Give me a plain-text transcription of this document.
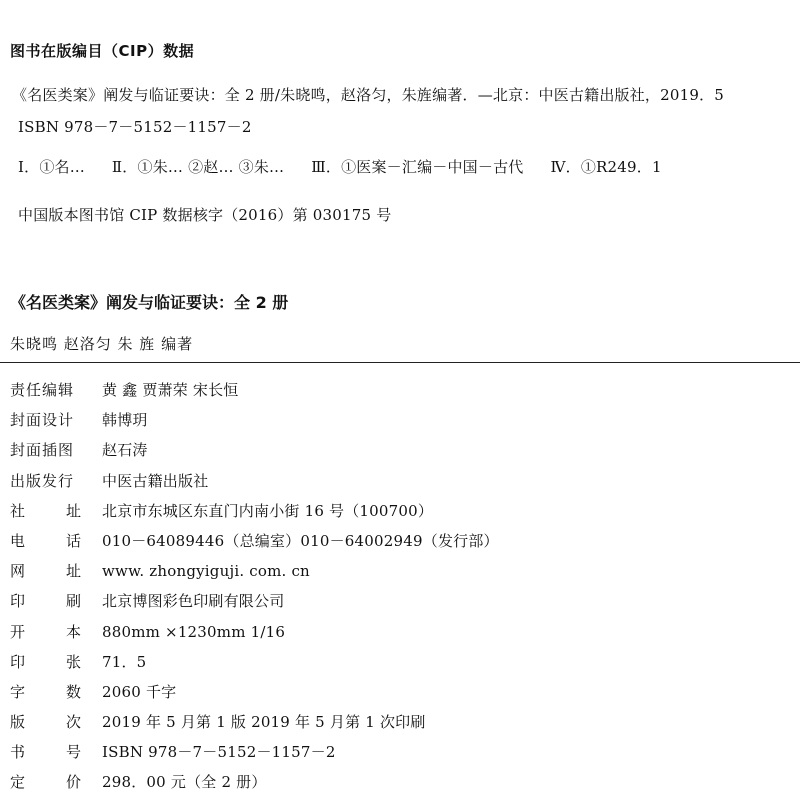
图书在版编目（CIP）数据
《名医类案》阐发与临证要诀：全 2 册/朱晓鸣，赵洛匀，朱旌编著．—北京：中医古籍出版社，2019．5
ISBN 978－7－5152－1157－2
Ⅰ．①名… Ⅱ．①朱… ②赵… ③朱… Ⅲ．①医案－汇编－中国－古代 Ⅳ．①R249．1
中国版本图书馆 CIP 数据核字（2016）第 030175 号
《名医类案》阐发与临证要诀：全 2 册
朱晓鸣 赵洛匀 朱 旌 编著
责任编辑	黄 鑫 贾萧荣 宋长恒
封面设计	韩博玥
封面插图	赵石涛
出版发行	中医古籍出版社
社	址 北京市东城区东直门内南小街 16 号（100700）
电	话 010－64089446（总编室）010－64002949（发行部）
网	址 www. zhongyiguji. com. cn
印	刷 北京博图彩色印刷有限公司
开	本 880mm ×1230mm 1/16
印	张 71．5
字	数 2060 千字
版	次 2019 年 5 月第 1 版 2019 年 5 月第 1 次印刷
书	号 ISBN 978－7－5152－1157－2
定	价 298．00 元（全 2 册）
